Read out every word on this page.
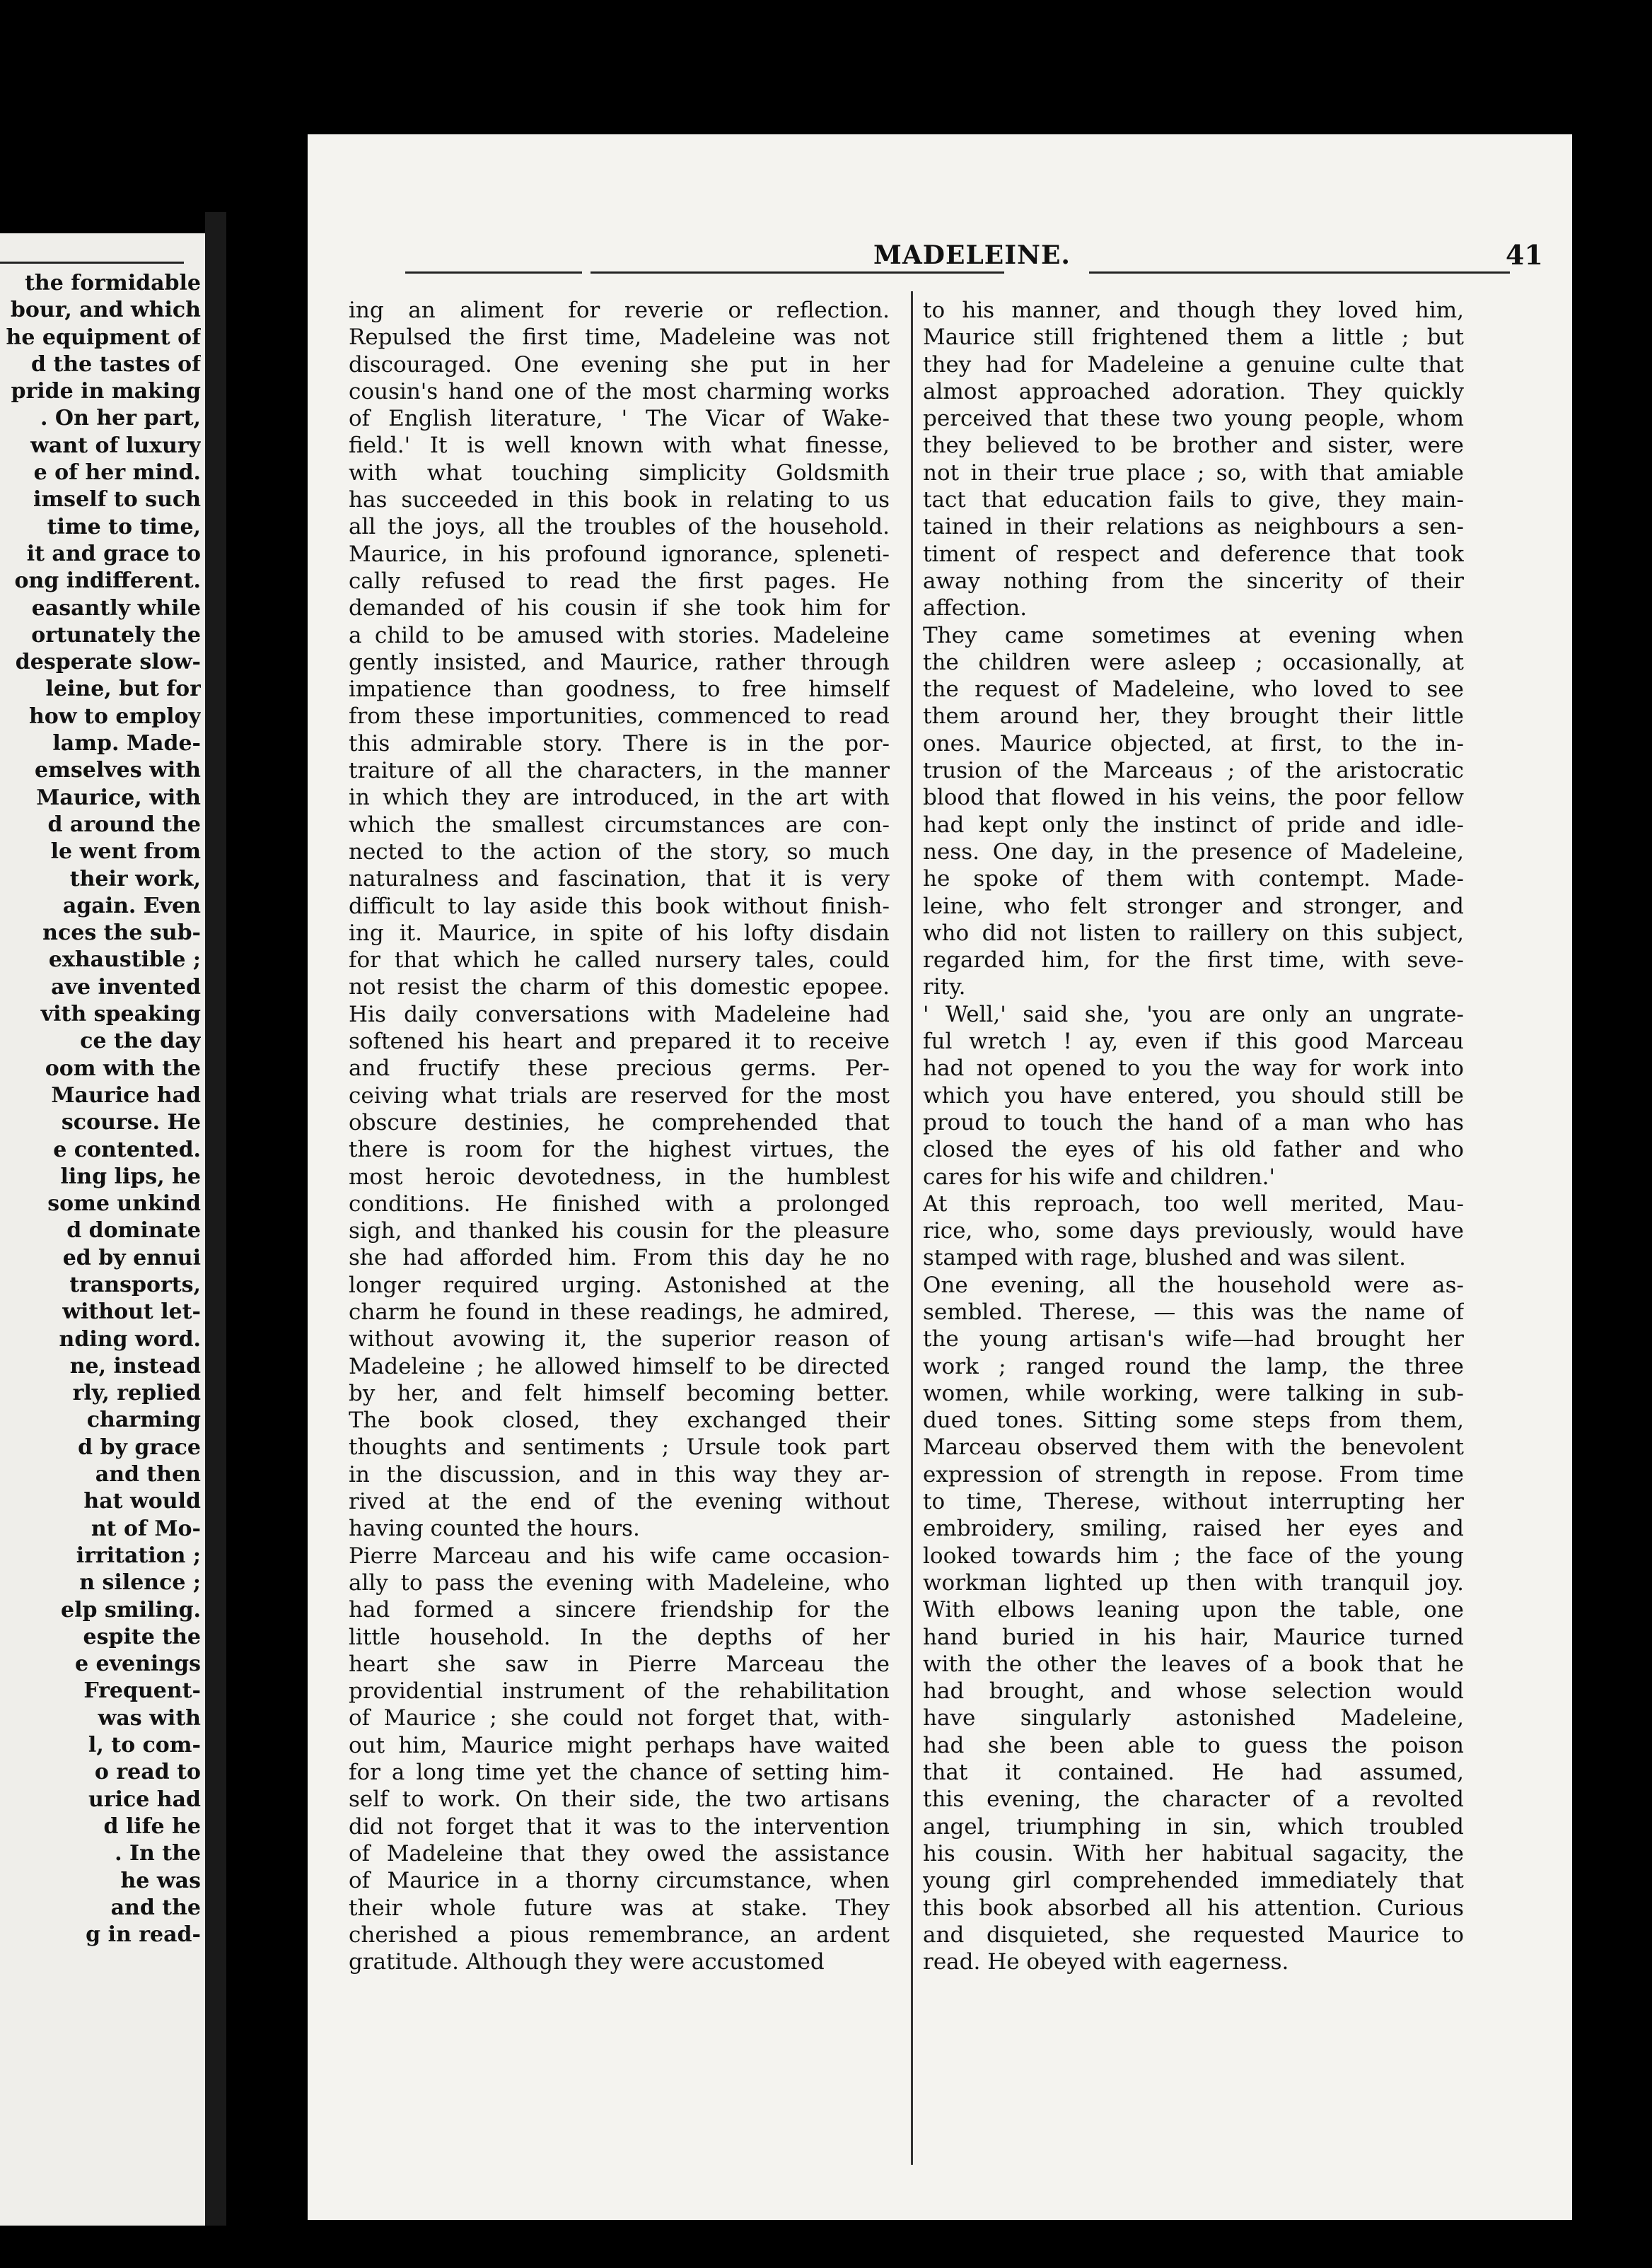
the formidable

bour, and which

he equipment of

d the tastes of

pride in making

. On her part,

want of luxury

e of her mind.

imself to such

time to time,

it and grace to

ong indifferent.

easantly while

ortunately the

desperate slow-

leine, but for

how to employ

lamp. Made-

emselves with

Maurice, with

d around the

le went from

their work,

again. Even

nces the sub-

exhaustible ;

ave invented

vith speaking

ce the day

oom with the

Maurice had

scourse. He

e contented.

ling lips, he

some unkind

d dominate

ed by ennui

transports,

without let-

nding word.

ne, instead

rly, replied

charming

d by grace

and then

hat would

nt of Mo-

irritation ;

n silence ;

elp smiling.

espite the

e evenings

Frequent-

was with

l, to com-

o read to

urice had

d life he

. In the

he was

and the

g in read-

MADELEINE.	41

ing an aliment for reverie or reflection.

Repulsed the first time, Madeleine was not

discouraged. One evening she put in her

cousin's hand one of the most charming works

of English literature, ' The Vicar of Wake-

field.' It is well known with what finesse,

with what touching simplicity Goldsmith

has succeeded in this book in relating to us

all the joys, all the troubles of the household.

Maurice, in his profound ignorance, spleneti-

cally refused to read the first pages. He

demanded of his cousin if she took him for

a child to be amused with stories. Madeleine

gently insisted, and Maurice, rather through

impatience than goodness, to free himself

from these importunities, commenced to read

this admirable story. There is in the por-

traiture of all the characters, in the manner

in which they are introduced, in the art with

which the smallest circumstances are con-

nected to the action of the story, so much

naturalness and fascination, that it is very

difficult to lay aside this book without finish-

ing it. Maurice, in spite of his lofty disdain

for that which he called nursery tales, could

not resist the charm of this domestic epopee.

His daily conversations with Madeleine had

softened his heart and prepared it to receive

and fructify these precious germs. Per-

ceiving what trials are reserved for the most

obscure destinies, he comprehended that

there is room for the highest virtues, the

most heroic devotedness, in the humblest

conditions. He finished with a prolonged

sigh, and thanked his cousin for the pleasure

she had afforded him. From this day he no

longer required urging. Astonished at the

charm he found in these readings, he admired,

without avowing it, the superior reason of

Madeleine ; he allowed himself to be directed

by her, and felt himself becoming better.

The book closed, they exchanged their

thoughts and sentiments ; Ursule took part

in the discussion, and in this way they ar-

rived at the end of the evening without

having counted the hours.

Pierre Marceau and his wife came occasion-

ally to pass the evening with Madeleine, who

had formed a sincere friendship for the

little household. In the depths of her

heart she saw in Pierre Marceau the

providential instrument of the rehabilitation

of Maurice ; she could not forget that, with-

out him, Maurice might perhaps have waited

for a long time yet the chance of setting him-

self to work. On their side, the two artisans

did not forget that it was to the intervention

of Madeleine that they owed the assistance

of Maurice in a thorny circumstance, when

their whole future was at stake. They

cherished a pious remembrance, an ardent

gratitude. Although they were accustomed

to his manner, and though they loved him,

Maurice still frightened them a little ; but

they had for Madeleine a genuine culte that

almost approached adoration. They quickly

perceived that these two young people, whom

they believed to be brother and sister, were

not in their true place ; so, with that amiable

tact that education fails to give, they main-

tained in their relations as neighbours a sen-

timent of respect and deference that took

away nothing from the sincerity of their

affection.

They came sometimes at evening when

the children were asleep ; occasionally, at

the request of Madeleine, who loved to see

them around her, they brought their little

ones. Maurice objected, at first, to the in-

trusion of the Marceaus ; of the aristocratic

blood that flowed in his veins, the poor fellow

had kept only the instinct of pride and idle-

ness. One day, in the presence of Madeleine,

he spoke of them with contempt. Made-

leine, who felt stronger and stronger, and

who did not listen to raillery on this subject,

regarded him, for the first time, with seve-

rity.

' Well,' said she, 'you are only an ungrate-

ful wretch ! ay, even if this good Marceau

had not opened to you the way for work into

which you have entered, you should still be

proud to touch the hand of a man who has

closed the eyes of his old father and who

cares for his wife and children.'

At this reproach, too well merited, Mau-

rice, who, some days previously, would have

stamped with rage, blushed and was silent.

One evening, all the household were as-

sembled. Therese, — this was the name of

the young artisan's wife—had brought her

work ; ranged round the lamp, the three

women, while working, were talking in sub-

dued tones. Sitting some steps from them,

Marceau observed them with the benevolent

expression of strength in repose. From time

to time, Therese, without interrupting her

embroidery, smiling, raised her eyes and

looked towards him ; the face of the young

workman lighted up then with tranquil joy.

With elbows leaning upon the table, one

hand buried in his hair, Maurice turned

with the other the leaves of a book that he

had brought, and whose selection would

have singularly astonished Madeleine,

had she been able to guess the poison

that it contained. He had assumed,

this evening, the character of a revolted

angel, triumphing in sin, which troubled

his cousin. With her habitual sagacity, the

young girl comprehended immediately that

this book absorbed all his attention. Curious

and disquieted, she requested Maurice to

read. He obeyed with eagerness.
